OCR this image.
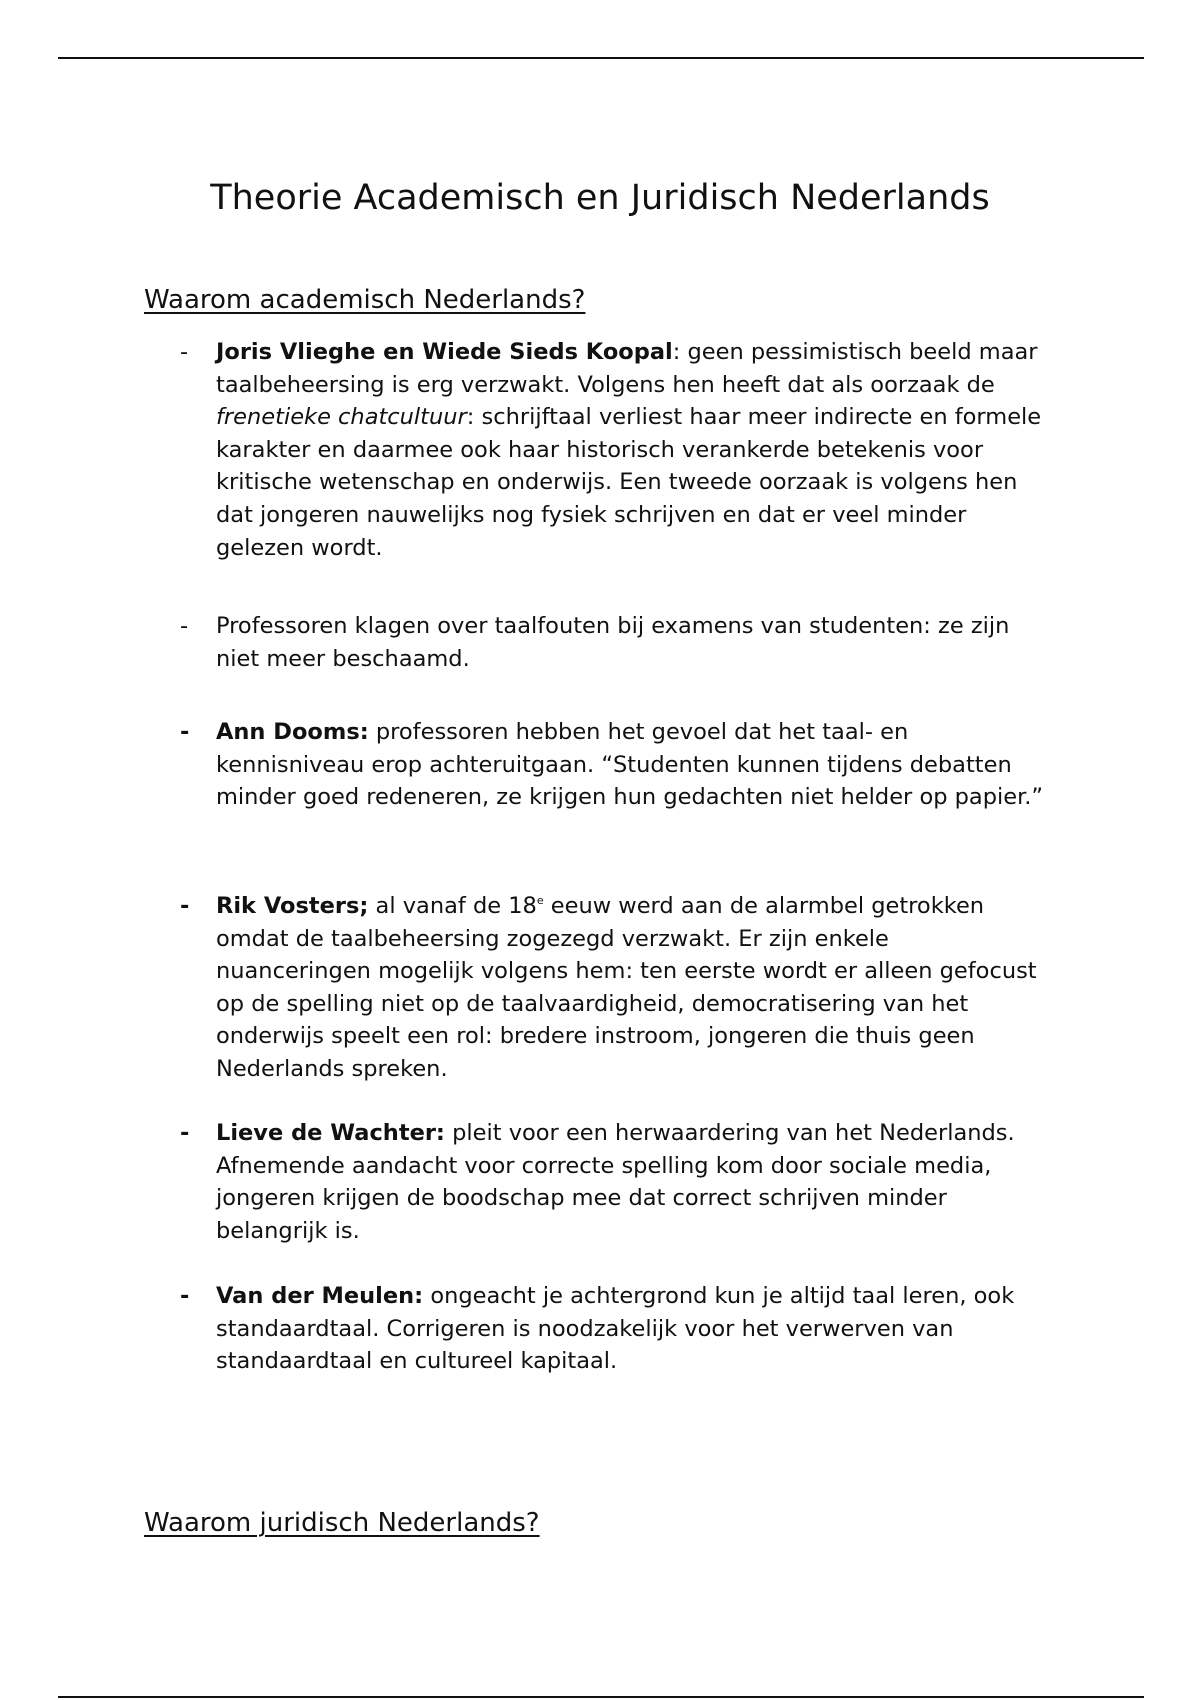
Theorie Academisch en Juridisch Nederlands
Waarom academisch Nederlands?
-	Joris Vlieghe en Wiede Sieds Koopal: geen pessimistisch beeld maar taalbeheersing is erg verzwakt. Volgens hen heeft dat als oorzaak de frenetieke chatcultuur: schrijftaal verliest haar meer indirecte en formele karakter en daarmee ook haar historisch verankerde betekenis voor kritische wetenschap en onderwijs. Een tweede oorzaak is volgens hen dat jongeren nauwelijks nog fysiek schrijven en dat er veel minder gelezen wordt.
-	Professoren klagen over taalfouten bij examens van studenten: ze zijn niet meer beschaamd.
-	Ann Dooms: professoren hebben het gevoel dat het taal- en kennisniveau erop achteruitgaan. “Studenten kunnen tijdens debatten minder goed redeneren, ze krijgen hun gedachten niet helder op papier.”
-	Rik Vosters; al vanaf de 18e eeuw werd aan de alarmbel getrokken omdat de taalbeheersing zogezegd verzwakt. Er zijn enkele nuanceringen mogelijk volgens hem: ten eerste wordt er alleen gefocust op de spelling niet op de taalvaardigheid, democratisering van het onderwijs speelt een rol: bredere instroom, jongeren die thuis geen Nederlands spreken.
-	Lieve de Wachter: pleit voor een herwaardering van het Nederlands. Afnemende aandacht voor correcte spelling kom door sociale media, jongeren krijgen de boodschap mee dat correct schrijven minder belangrijk is.
-	Van der Meulen: ongeacht je achtergrond kun je altijd taal leren, ook standaardtaal. Corrigeren is noodzakelijk voor het verwerven van standaardtaal en cultureel kapitaal.
Waarom juridisch Nederlands?
